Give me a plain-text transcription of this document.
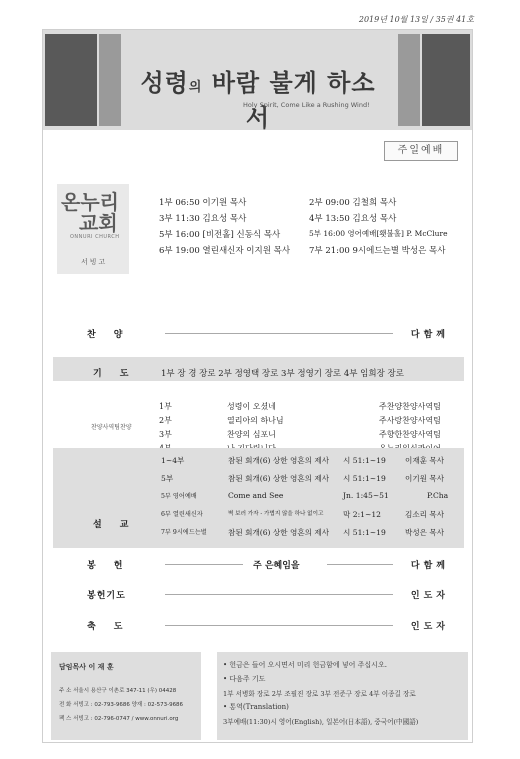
2019년 10월 13일 / 35권 41호
성령의 바람 불게 하소서
Holy Spirit, Come Like a Rushing Wind!
주일예배
온누리
교회
ONNURI CHURCH
서빙고
1부 06:50 이기원 목사	2부 09:00 김철희 목사
3부 11:30 김요성 목사	4부 13:50 김요성 목사
5부 16:00 [비전홀] 신동식 목사	5부 16:00 영어예배[횃불홀] P. McClure
6부 19:00 열린새신자 이지원 목사 7부 21:00 9시에드는별 박성은 목사
찬양	다함께
기도 1부 장 경 장로 2부 정영택 장로 3부 정영기 장로 4부 임희장 장로
찬양사역팀찬양
1부	성령이 오셨네	주찬양찬양사역팀
2부	열리아의 하나님	주사랑찬양사역팀
3부	찬양의 심포니	주향한찬양사역팀
설교
1~4부	참된 회개(6) 상한 영혼의 제사 시 51:1~19	이재훈 목사
5부	참된 회개(6) 상한 영혼의 제사 시 51:1~19	이기원 목사
5부 영어예배	Come and See	Jn. 1:45~51	P.Cha
6부 열린새신자	벽 보러 가자 - 가볍지 않을 하나 없이고	막 2:1~12	김소리 목사
7부 9시에드는별	참된 회개(6) 상한 영혼의 제사 시 51:1~19	박성은 목사
봉헌	주 은혜임을	다함께
봉헌기도	인도자
축도	인도자
담임목사 이 재 훈
주 소 서울시 용산구 이촌로 347-11 (우) 04428
전 화 서빙고 : 02-793-9686 양재 : 02-573-9686
팩 스 서빙고 : 02-796-0747 / www.onnuri.org
• 헌금은 들어 오시면서 미리 헌금함에 넣어 주십시오.
• 다음주 기도
1부 서병화 장로 2부 조필진 장로 3부 전준구 장로 4부 이종길 장로
• 통역(Translation)
3부예배(11:30)시 영어(English), 일본어(日本語), 중국어(中國語)
